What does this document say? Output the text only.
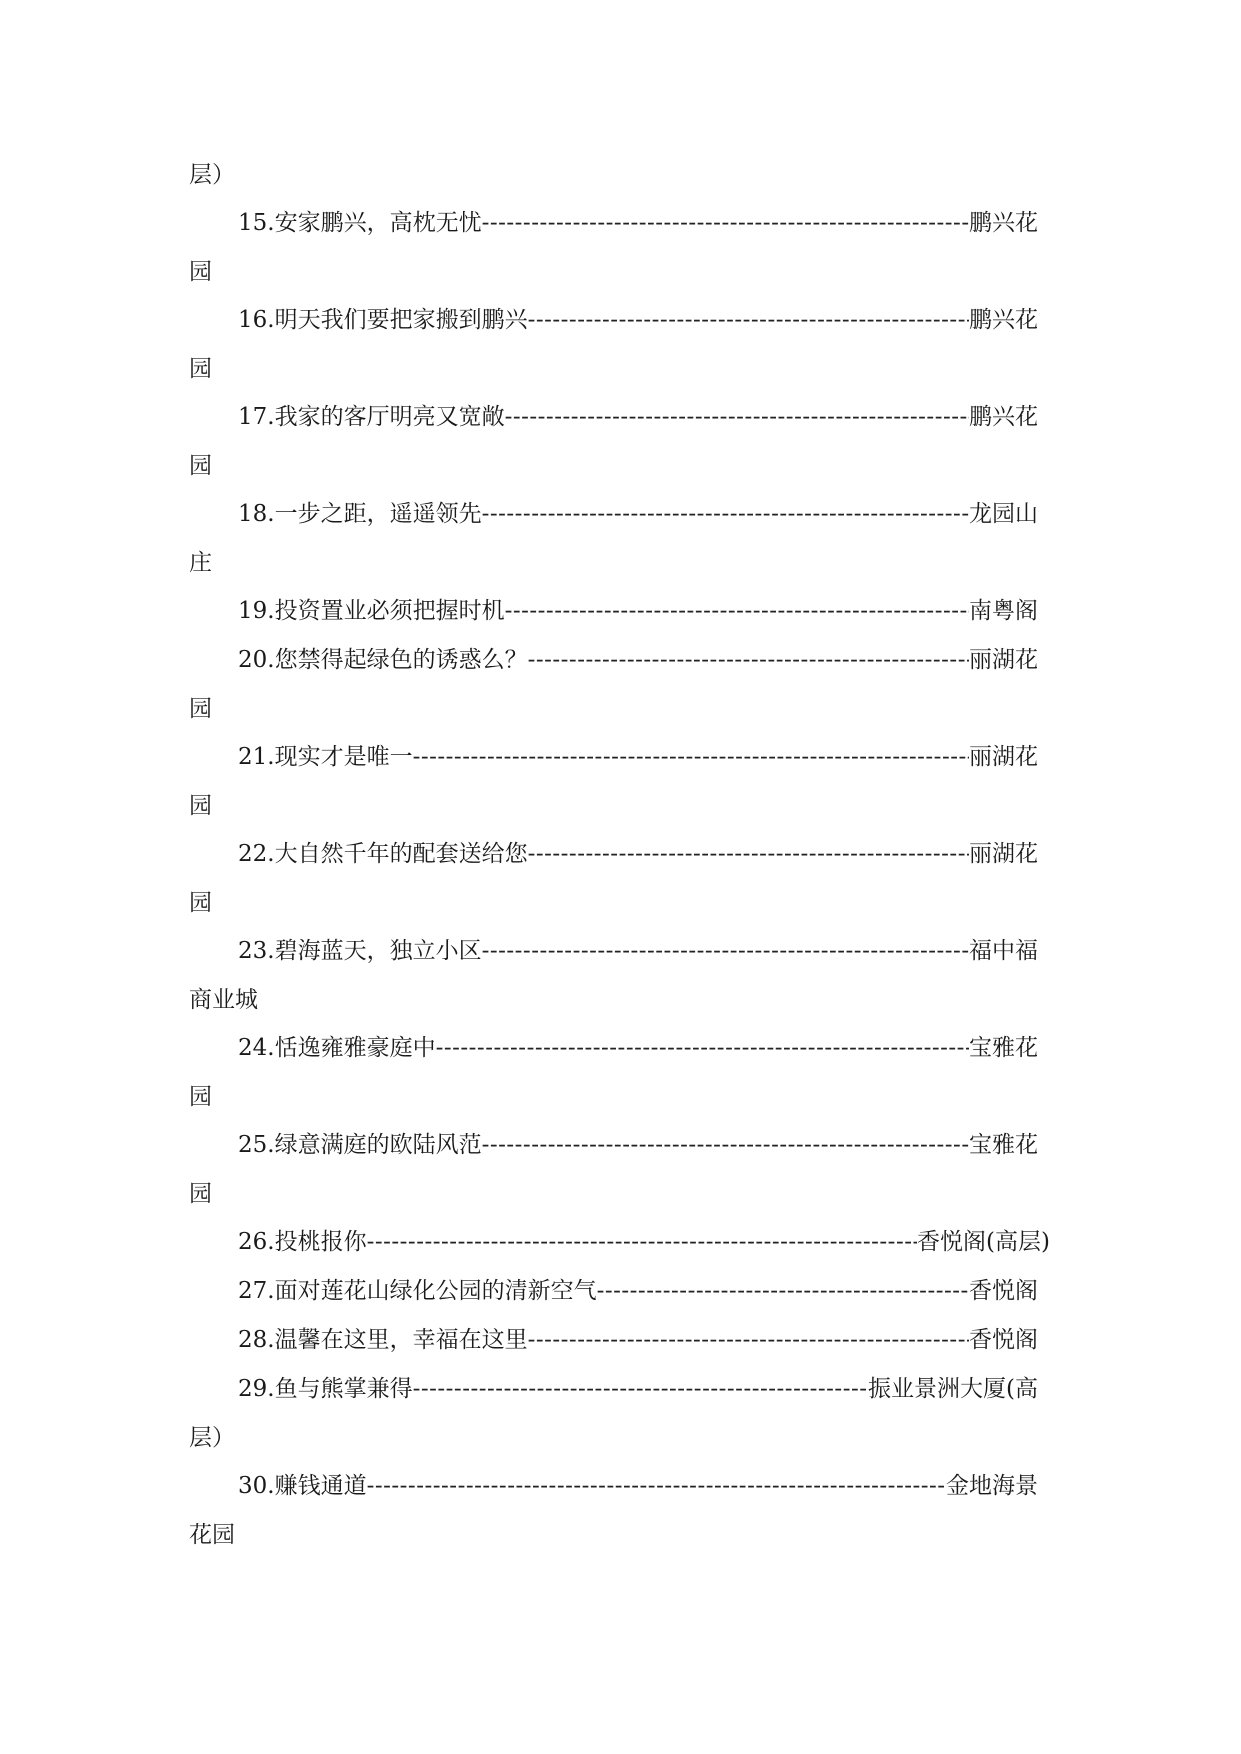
层）
15. 安家鹏兴，高枕无忧 -----	鹏兴花
园
16. 明天我们要把家搬到鹏兴 -----	鹏兴花
园
17. 我家的客厅明亮又宽敞 -----	鹏兴花
园
18. 一步之距，遥遥领先 -----	龙园山
庄
19. 投资置业必须把握时机 -----	南粤阁
20. 您禁得起绿色的诱惑么？ -----	丽湖花
园
21. 现实才是唯一 -----	丽湖花
园
22. 大自然千年的配套送给您 -----	丽湖花
园
23. 碧海蓝天，独立小区 -----	福中福
商业城
24. 恬逸雍雅豪庭中 -----	宝雅花
园
25. 绿意满庭的欧陆风范 -----	宝雅花
园
26. 投桃报你 -----	香悦阁(高层)
27. 面对莲花山绿化公园的清新空气 -----	香悦阁
28. 温馨在这里，幸福在这里 -----	香悦阁
29. 鱼与熊掌兼得 -----	振业景洲大厦(高
层）
30. 赚钱通道 -----	金地海景
花园
